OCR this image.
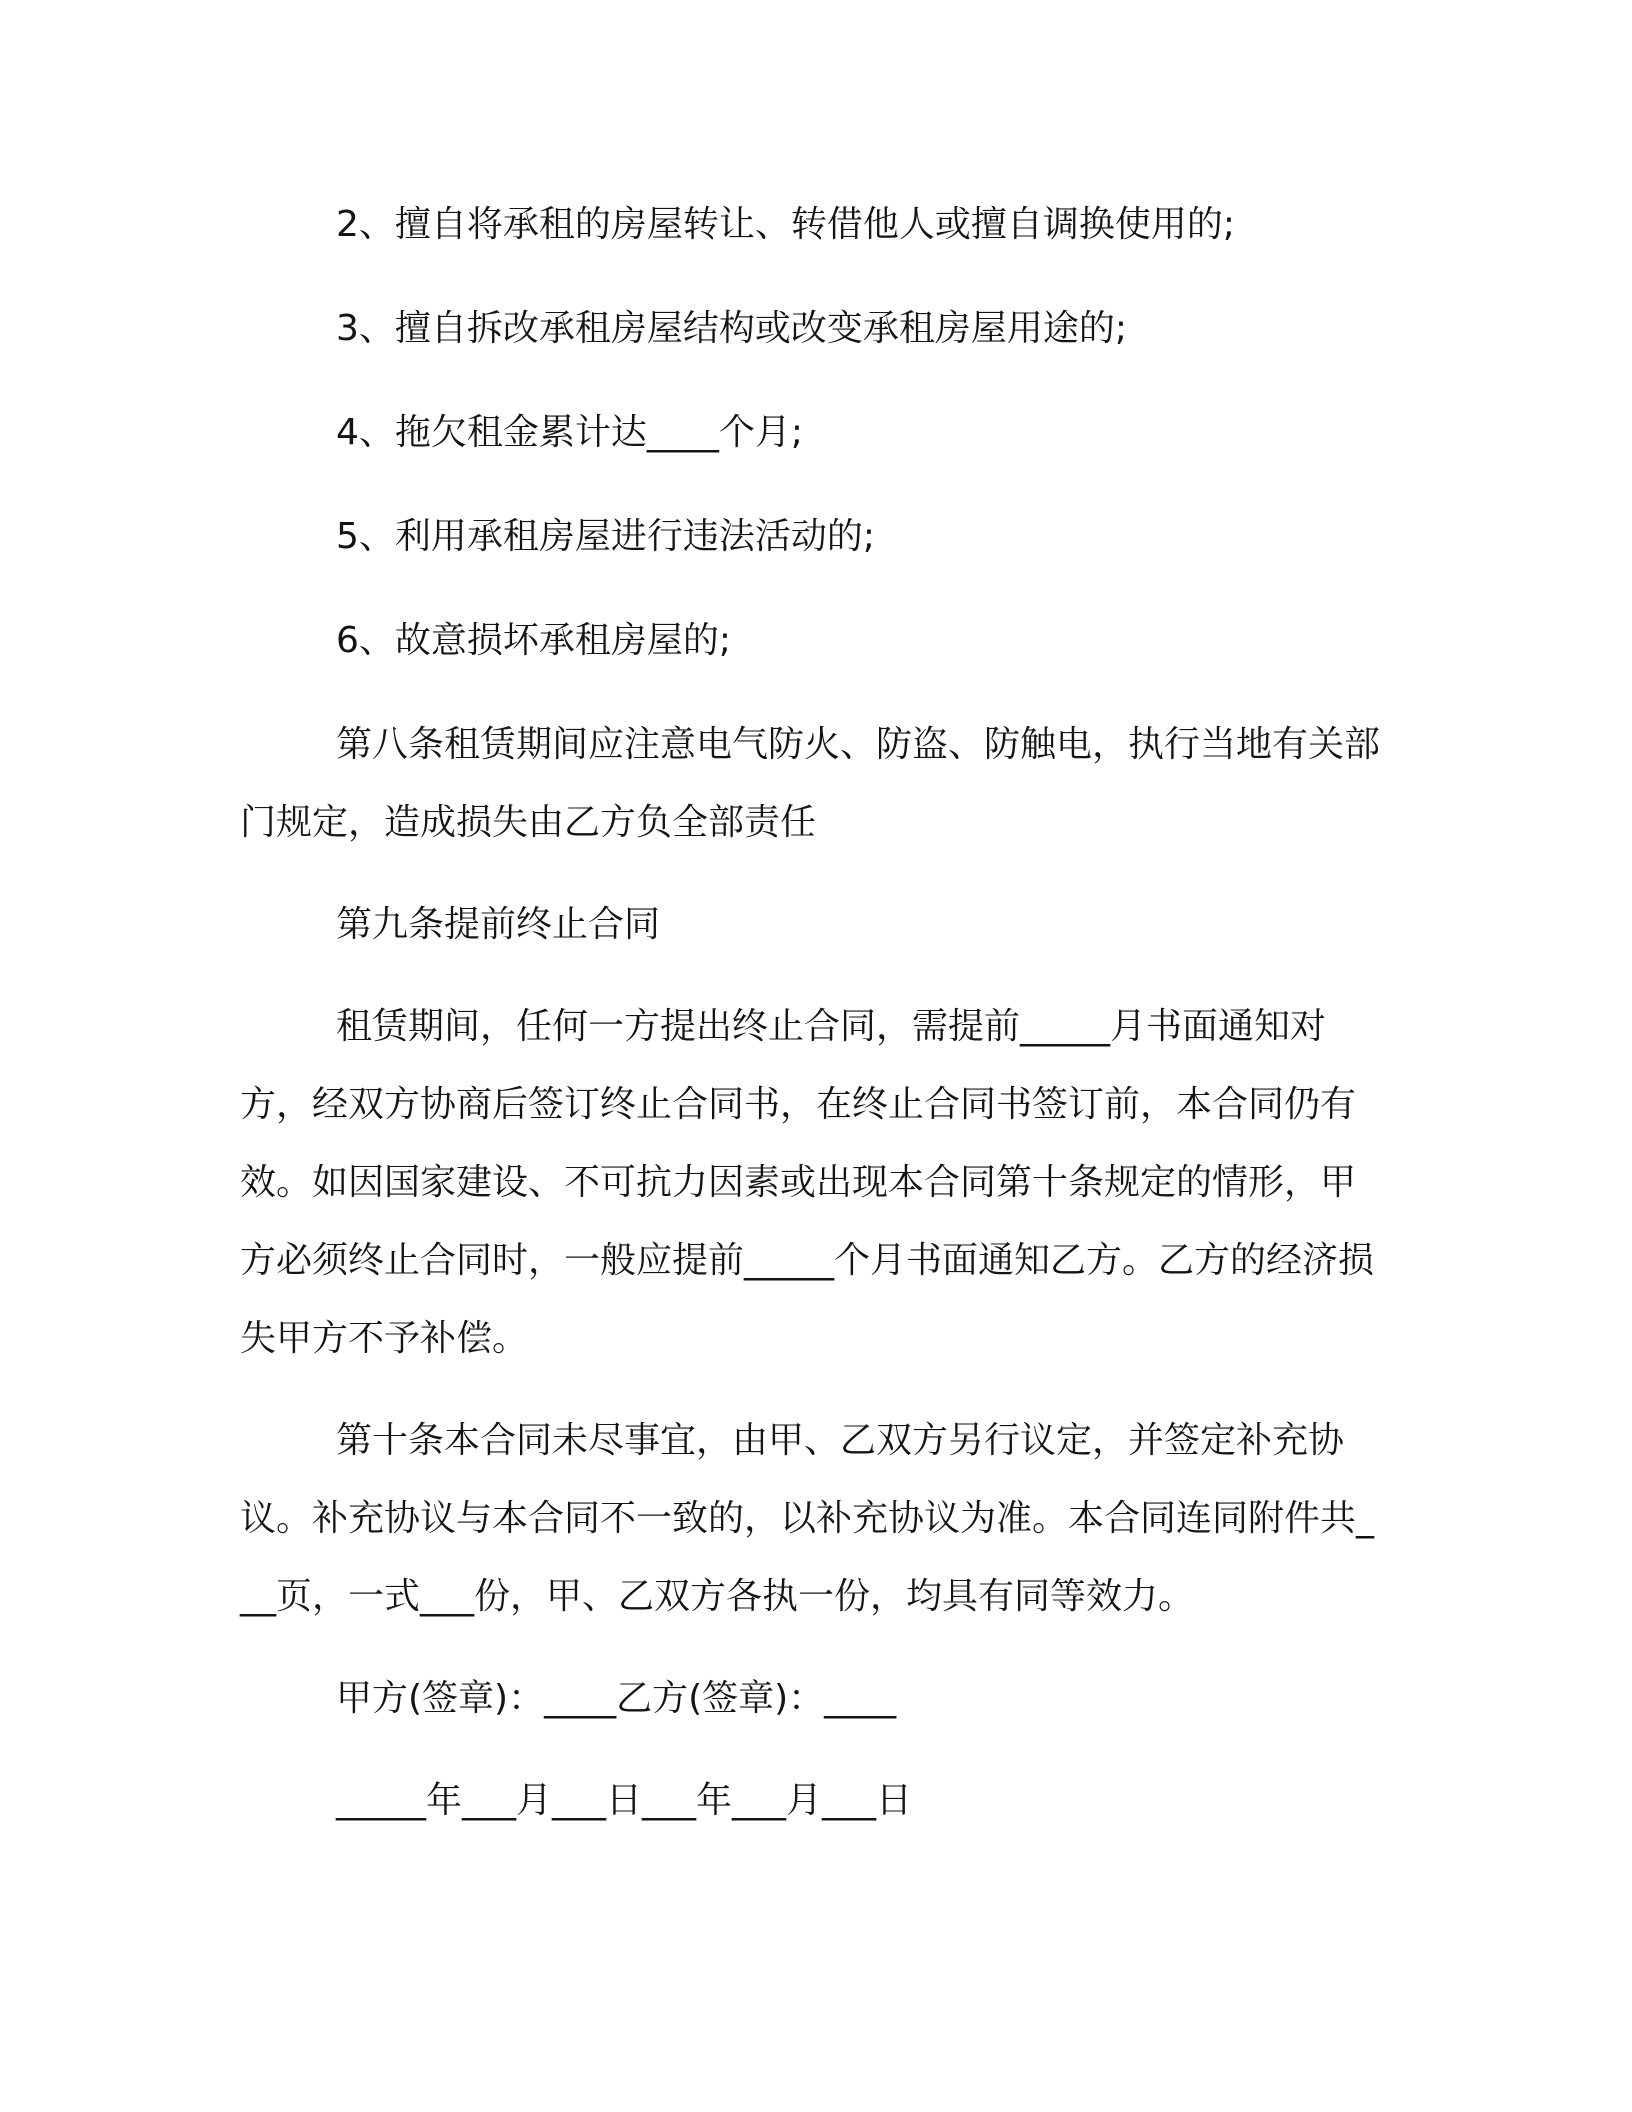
2、擅自将承租的房屋转让、转借他人或擅自调换使用的;

3、擅自拆改承租房屋结构或改变承租房屋用途的;

4、拖欠租金累计达____个月;

5、利用承租房屋进行违法活动的;

6、故意损坏承租房屋的;

第八条租赁期间应注意电气防火、防盗、防触电，执行当地有关部门规定，造成损失由乙方负全部责任

第九条提前终止合同

租赁期间，任何一方提出终止合同，需提前_____月书面通知对方，经双方协商后签订终止合同书，在终止合同书签订前，本合同仍有效。如因国家建设、不可抗力因素或出现本合同第十条规定的情形，甲方必须终止合同时，一般应提前_____个月书面通知乙方。乙方的经济损失甲方不予补偿。

第十条本合同未尽事宜，由甲、乙双方另行议定，并签定补充协议。补充协议与本合同不一致的，以补充协议为准。本合同连同附件共___页，一式___份，甲、乙双方各执一份，均具有同等效力。

甲方(签章)：____乙方(签章)：____

_____年___月___日___年___月___日
